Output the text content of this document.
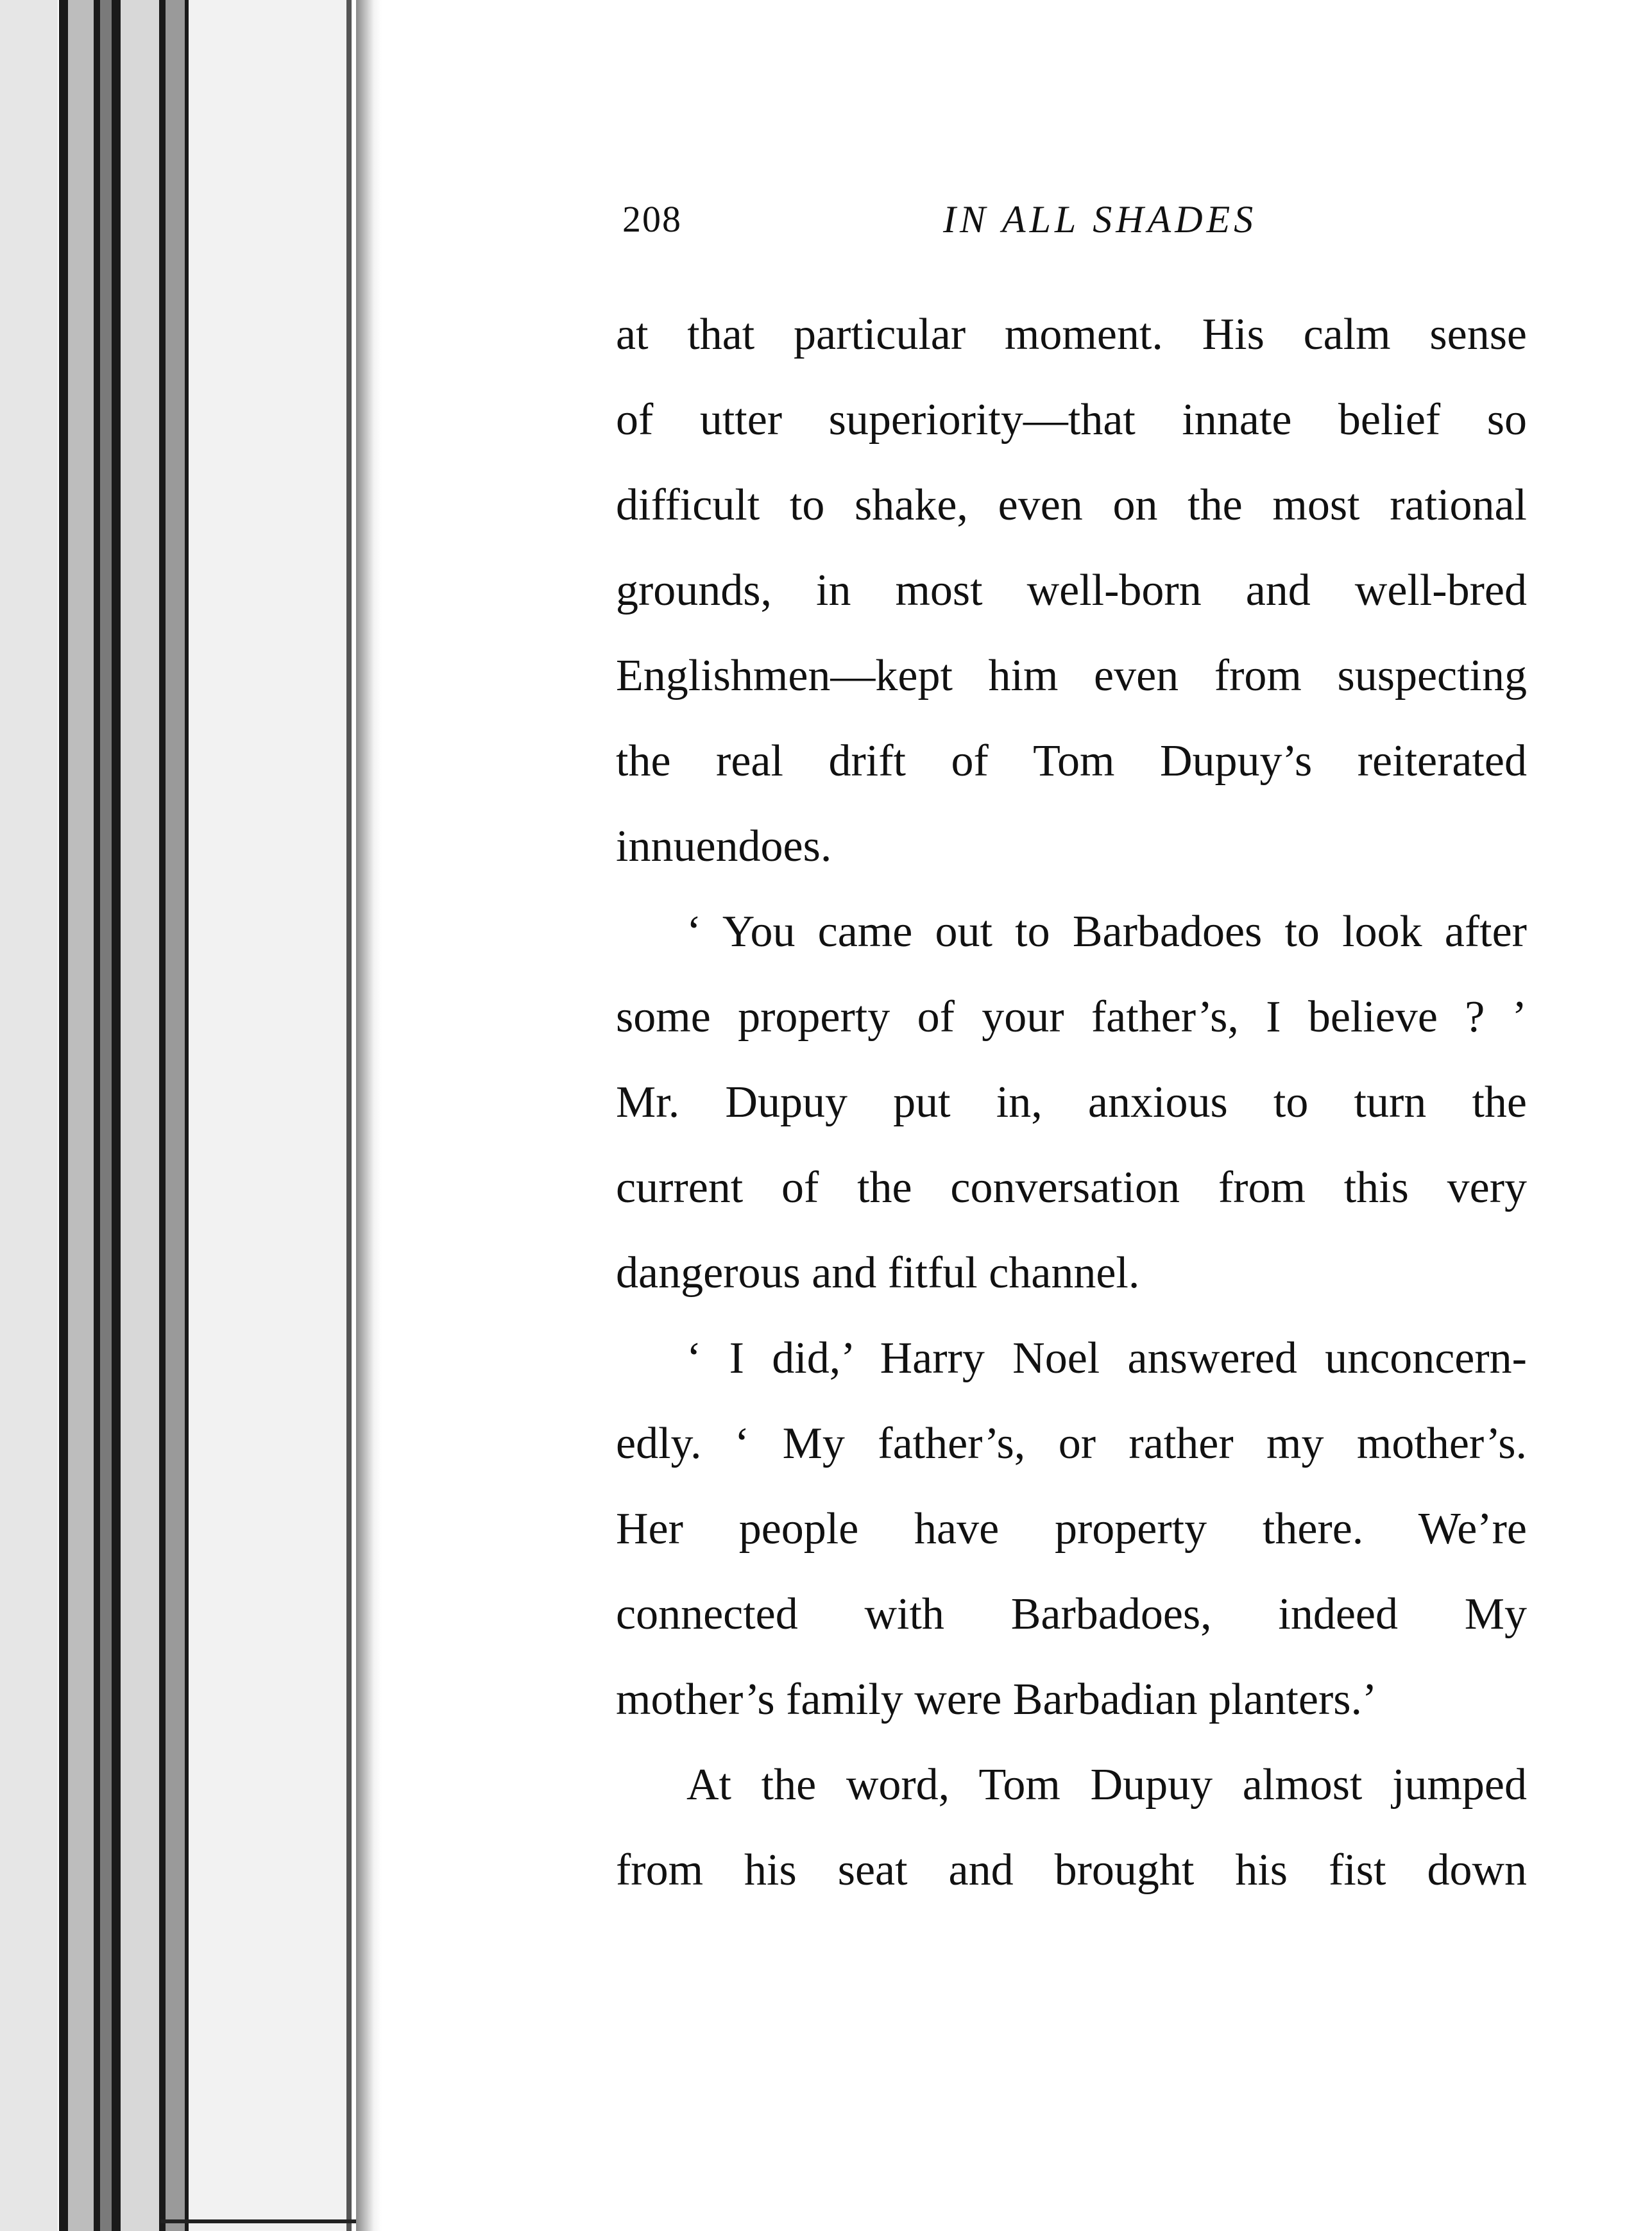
208	IN ALL SHADES
at that particular moment. His calm sense
of utter superiority—that innate belief so
difficult to shake, even on the most rational
grounds, in most well-born and well-bred
Englishmen—kept him even from suspecting
the real drift of Tom Dupuy’s reiterated
innuendoes.
‘ You came out to Barbadoes to look after
some property of your father’s, I believe ? ’
Mr. Dupuy put in, anxious to turn the
current of the conversation from this very
dangerous and fitful channel.
‘ I did,’ Harry Noel answered unconcern-
edly. ‘ My father’s, or rather my mother’s.
Her people have property there. We’re
connected with Barbadoes, indeed My
mother’s family were Barbadian planters.’
At the word, Tom Dupuy almost jumped
from his seat and brought his fist down
